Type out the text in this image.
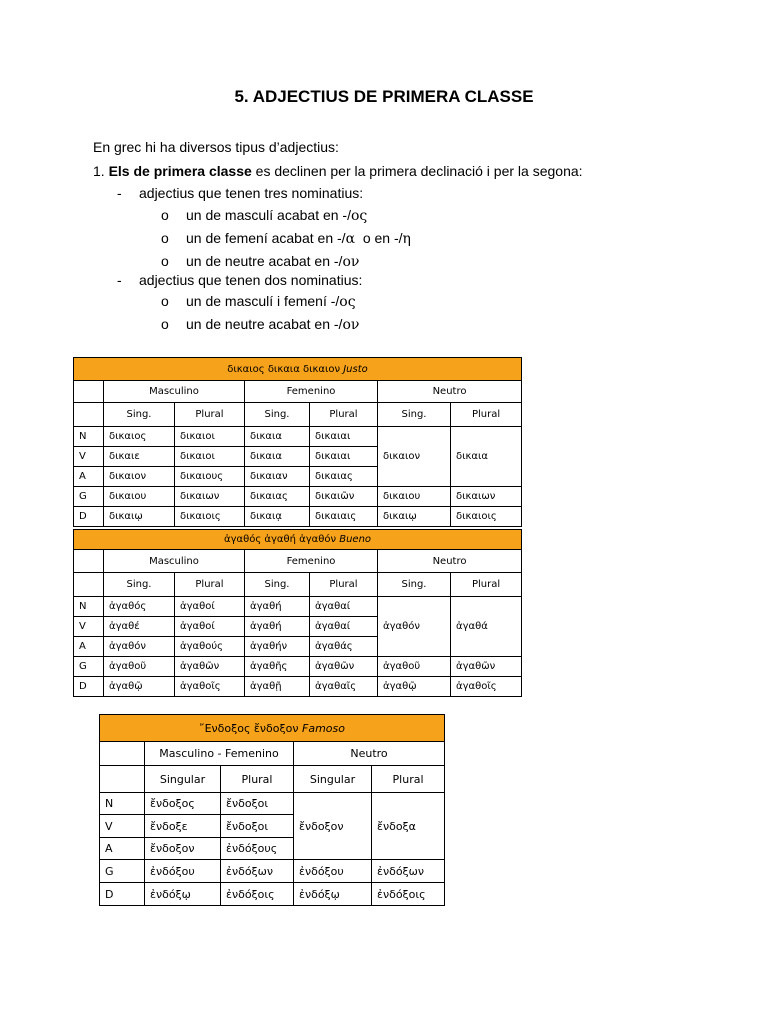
5. ADJECTIUS DE PRIMERA CLASSE
En grec hi ha diversos tipus d’adjectius:
1. Els de primera classe es declinen per la primera declinació i per la segona:
- adjectius que tenen tres nominatius:
o un de masculí acabat en -/ος
o un de femení acabat en -/α o en -/η
o un de neutre acabat en -/ον
- adjectius que tenen dos nominatius:
o un de masculí i femení -/ος
o un de neutre acabat en -/ον
δικαιος δικαια δικαιον Justo						
	Masculino		Femenino		Neutro	
	Sing.	Plural	Sing.	Plural	Sing.	Plural
N	δικαιος	δικαιοι	δικαια	δικαιαι	δικαιον	δικαια
V	δικαιε	δικαιοι	δικαια	δικαιαι		
A	δικαιον	δικαιους	δικαιαν	δικαιας		
G	δικαιου	δικαιων	δικαιας	δικαιῶν	δικαιου	δικαιων
D	δικαιῳ	δικαιοις	δικαιᾳ	δικαιαις	δικαιῳ	δικαιοις
ἀγαθός ἀγαθή ἀγαθόν Bueno						
	Masculino		Femenino		Neutro	
	Sing.	Plural	Sing.	Plural	Sing.	Plural
N	ἀγαθός	ἀγαθοί	ἀγαθή	ἀγαθαί	ἀγαθόν	ἀγαθά
V	ἀγαθέ	ἀγαθοί	ἀγαθή	ἀγαθαί		
A	ἀγαθόν	ἀγαθούς	ἀγαθήν	ἀγαθάς		
G	ἀγαθοῦ	ἀγαθῶν	ἀγαθῆς	ἀγαθῶν	ἀγαθοῦ	ἀγαθῶν
D	ἀγαθῷ	ἀγαθοῖς	ἀγαθῇ	ἀγαθαῖς	ἀγαθῷ	ἀγαθοῖς
῎Ενδοξος ἔνδοξον Famoso				
	Masculino - Femenino		Neutro	
	Singular	Plural	Singular	Plural
N	ἔνδοξος	ἔνδοξοι	ἔνδοξον	ἔνδοξα
V	ἔνδοξε	ἔνδοξοι		
A	ἔνδοξον	ἐνδόξους		
G	ἐνδόξου	ἐνδόξων	ἐνδόξου	ἐνδόξων
D	ἐνδόξῳ	ἐνδόξοις	ἐνδόξῳ	ἐνδόξοις
